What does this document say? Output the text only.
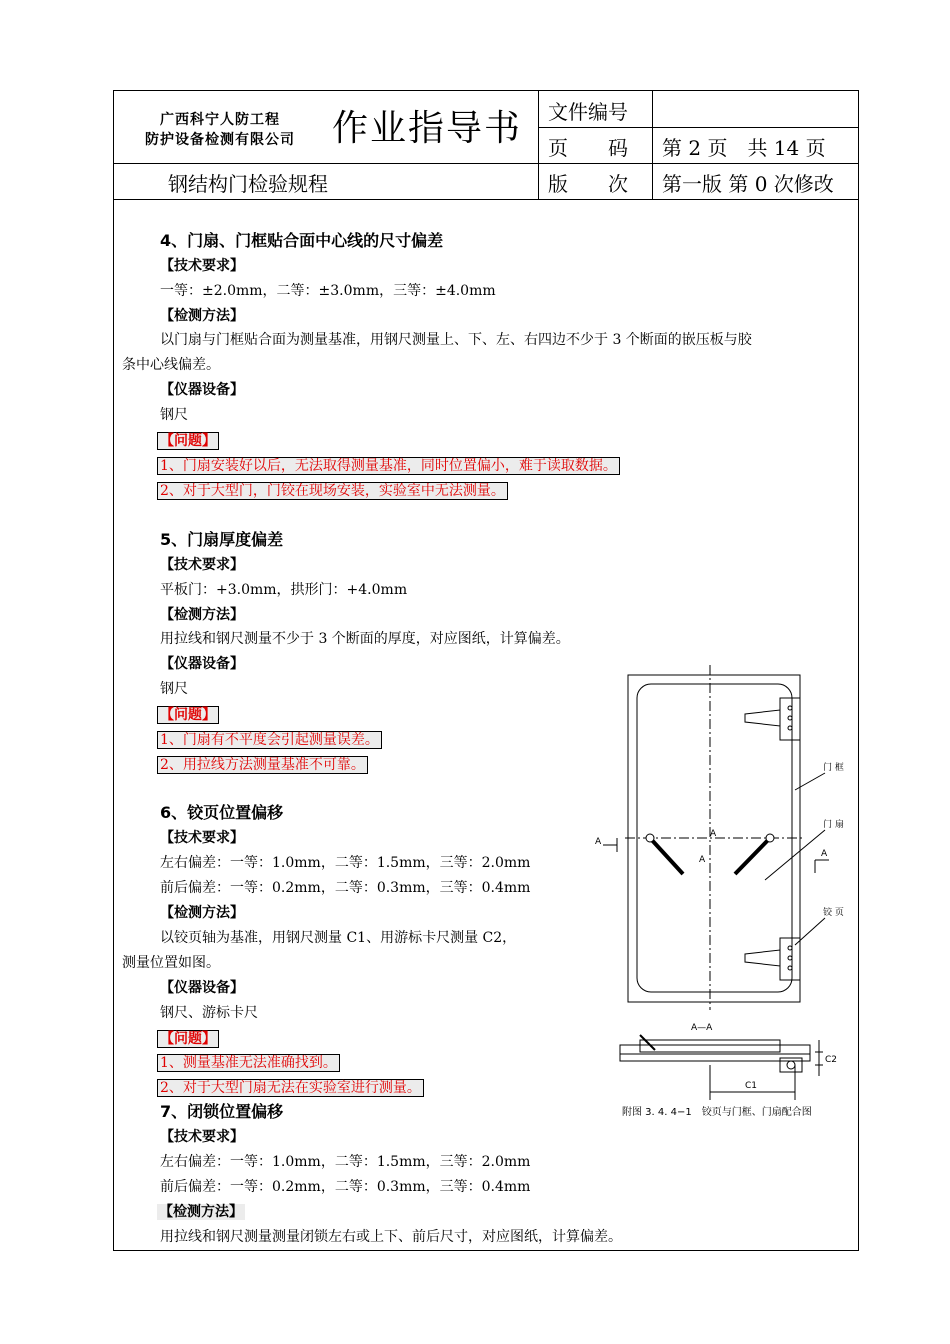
广西科宁人防工程
防护设备检测有限公司	作业指导书
钢结构门检验规程
文件编号
页　　码 第 2 页　共 14 页
版　　次 第一版 第 0 次修改
4、门扇、门框贴合面中心线的尺寸偏差
【技术要求】
一等：±2.0mm，二等：±3.0mm，三等：±4.0mm
【检测方法】
以门扇与门框贴合面为测量基准，用钢尺测量上、下、左、右四边不少于 3 个断面的嵌压板与胶
条中心线偏差。
【仪器设备】
钢尺
【问题】
1、门扇安装好以后，无法取得测量基准，同时位置偏小，难于读取数据。
2、对于大型门，门铰在现场安装，实验室中无法测量。
5、门扇厚度偏差
【技术要求】
平板门：+3.0mm，拱形门：+4.0mm
【检测方法】
用拉线和钢尺测量不少于 3 个断面的厚度，对应图纸，计算偏差。
【仪器设备】
钢尺
【问题】
1、门扇有不平度会引起测量误差。
2、用拉线方法测量基准不可靠。
6、铰页位置偏移
【技术要求】
左右偏差：一等：1.0mm，二等：1.5mm，三等：2.0mm
前后偏差：一等：0.2mm，二等：0.3mm，三等：0.4mm
【检测方法】
以铰页轴为基准，用钢尺测量 C1、用游标卡尺测量 C2，
测量位置如图。
【仪器设备】
钢尺、游标卡尺
【问题】
1、测量基准无法准确找到。
2、对于大型门扇无法在实验室进行测量。
7、闭锁位置偏移
【技术要求】
左右偏差：一等：1.0mm，二等：1.5mm，三等：2.0mm
前后偏差：一等：0.2mm，二等：0.3mm，三等：0.4mm
【检测方法】
用拉线和钢尺测量测量闭锁左右或上下、前后尺寸，对应图纸，计算偏差。
门 框
门 扇
铰 页
A
A
A
A
A—A
C1
C2
附图 3. 4. 4−1　铰页与门框、门扇配合图
